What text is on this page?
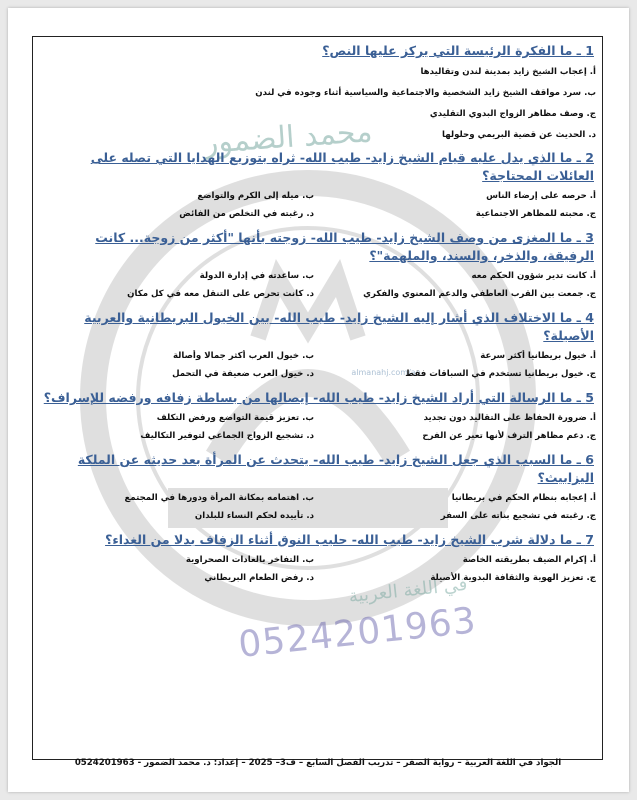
محمد الضمور
almanahj.com/ae
في اللغة العربية
0524201963
1 ـ ما الفكرة الرئيسة التي يركز عليها النص؟
أ. إعجاب الشيخ زايد بمدينة لندن وتقاليدها
ب. سرد مواقف الشيخ زايد الشخصية والاجتماعية والسياسية أثناء وجوده في لندن
ج. وصف مظاهر الزواج البدوي التقليدي
د. الحديث عن قضية البريمي وحلولها
2 ـ ما الذي يدل عليه قيام الشيخ زايد- طيب الله- ثراه بتوزيع الهدايا التي تصله على العائلات المحتاجة؟
أ. حرصه على إرضاء الناس
ب. ميله إلى الكرم والتواضع
ج. محبته للمظاهر الاجتماعية
د. رغبته في التخلص من الفائض
3 ـ ما المغزى من وصف الشيخ زايد- طيب الله- زوجته بأنها "أكثر من زوجة... كانت الرفيقة، والذخر، والسند، والملهمة"؟
أ. كانت تدير شؤون الحكم معه
ب. ساعدته في إدارة الدولة
ج. جمعت بين القرب العاطفي والدعم المعنوي والفكري
د. كانت تحرص على التنقل معه في كل مكان
4 ـ ما الاختلاف الذي أشار إليه الشيخ زايد- طيب الله- بين الخيول البريطانية والعربية الأصيلة؟
أ. خيول بريطانيا أكثر سرعة
ب. خيول العرب أكثر جمالا وأصالة
ج. خيول بريطانيا تستخدم في السباقات فقط
د. خيول العرب ضعيفة في التحمل
5 ـ ما الرسالة التي أراد الشيخ زايد- طيب الله- إيصالها من بساطة زفافه ورفضه للإسراف؟
أ. ضرورة الحفاظ على التقاليد دون تجديد
ب. تعزيز قيمة التواضع ورفض التكلف
ج. دعم مظاهر الترف لأنها تعبر عن الفرح
د. تشجيع الزواج الجماعي لتوفير التكاليف
6 ـ ما السبب الذي جعل الشيخ زايد- طيب الله- يتحدث عن المرأة بعد حديثه عن الملكة اليزابيث؟
أ. إعجابه بنظام الحكم في بريطانيا
ب. اهتمامه بمكانة المرأة ودورها في المجتمع
ج. رغبته في تشجيع بناته على السفر
د. تأييده لحكم النساء للبلدان
7 ـ ما دلالة شرب الشيخ زايد- طيب الله- حليب النوق أثناء الزفاف بدلا من الغداء؟
أ. إكرام الضيف بطريقته الخاصة
ب. التفاخر بالعادات الصحراوية
ج. تعزيز الهوية والثقافة البدوية الأصيلة
د. رفض الطعام البريطاني
الجواد في اللغة العربية – رواية الصقر – تدريب الفصل السابع – ف3– 2025 – إعداد: د. محمد الضمور - 0524201963
